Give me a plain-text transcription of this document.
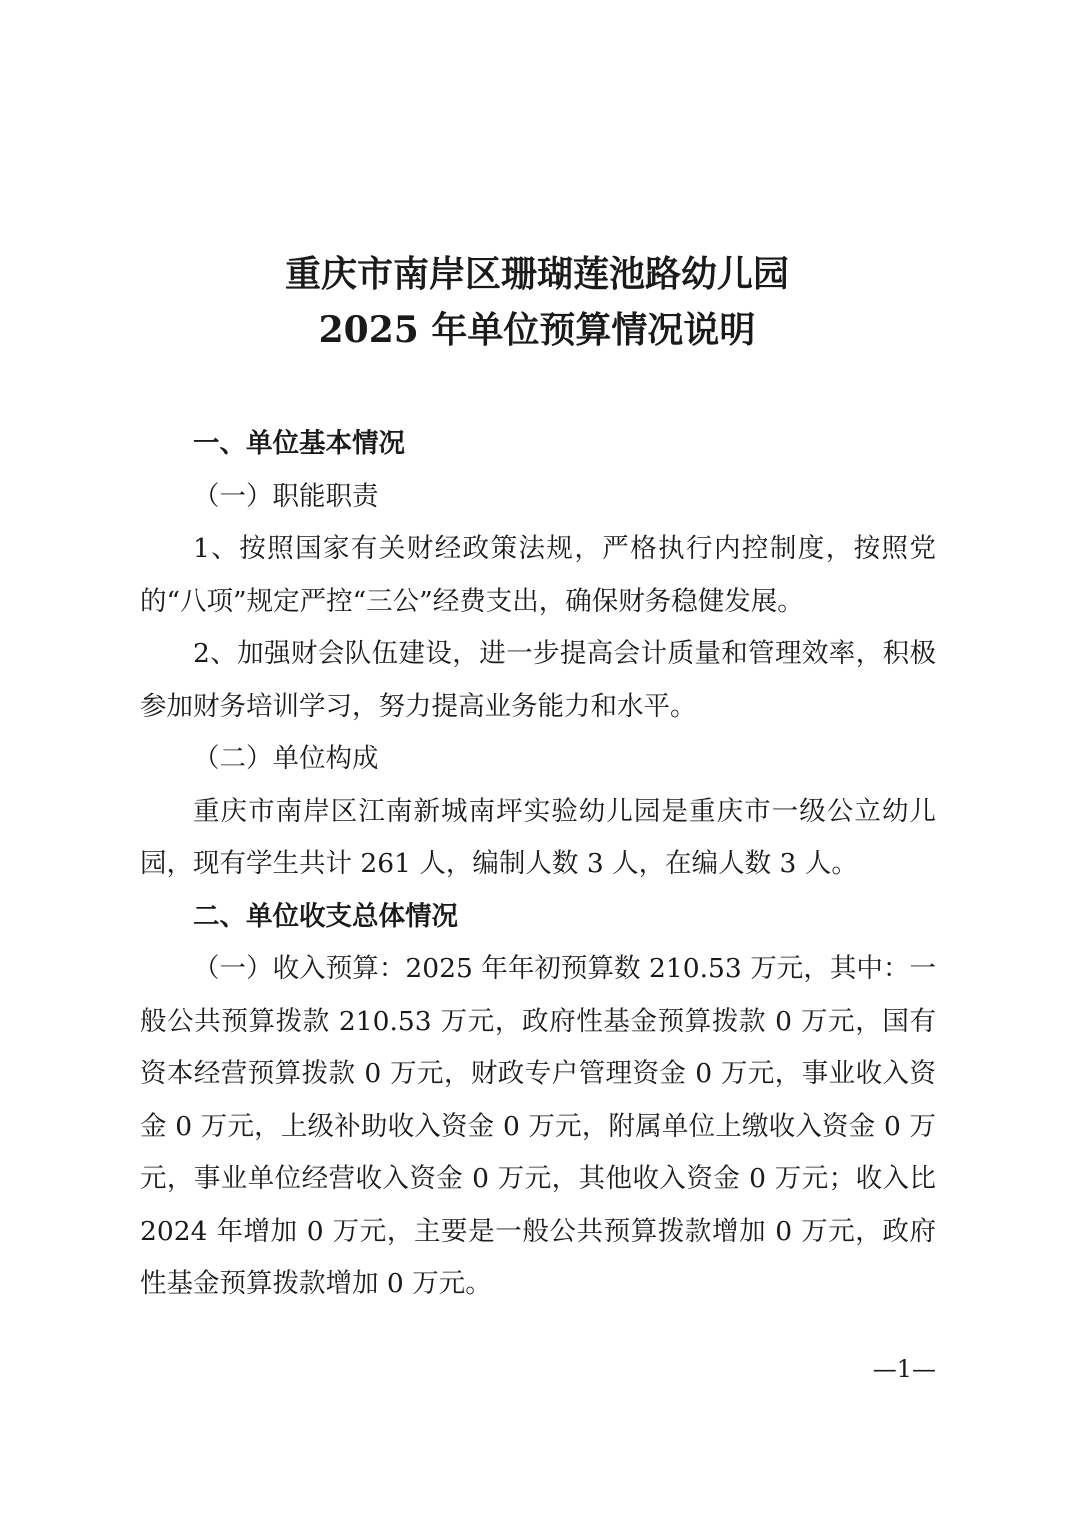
重庆市南岸区珊瑚莲池路幼儿园
2025 年单位预算情况说明

一、单位基本情况

（一）职能职责

1、按照国家有关财经政策法规，严格执行内控制度，按照党的“八项”规定严控“三公”经费支出，确保财务稳健发展。

2、加强财会队伍建设，进一步提高会计质量和管理效率，积极参加财务培训学习，努力提高业务能力和水平。

（二）单位构成

重庆市南岸区江南新城南坪实验幼儿园是重庆市一级公立幼儿园，现有学生共计 261 人，编制人数 3 人，在编人数 3 人。

二、单位收支总体情况

（一）收入预算：2025 年年初预算数 210.53 万元，其中：一般公共预算拨款 210.53 万元，政府性基金预算拨款 0 万元，国有资本经营预算拨款 0 万元，财政专户管理资金 0 万元，事业收入资金 0 万元，上级补助收入资金 0 万元，附属单位上缴收入资金 0 万元，事业单位经营收入资金 0 万元，其他收入资金 0 万元；收入比 2024 年增加 0 万元，主要是一般公共预算拨款增加 0 万元，政府性基金预算拨款增加 0 万元。

—1—
